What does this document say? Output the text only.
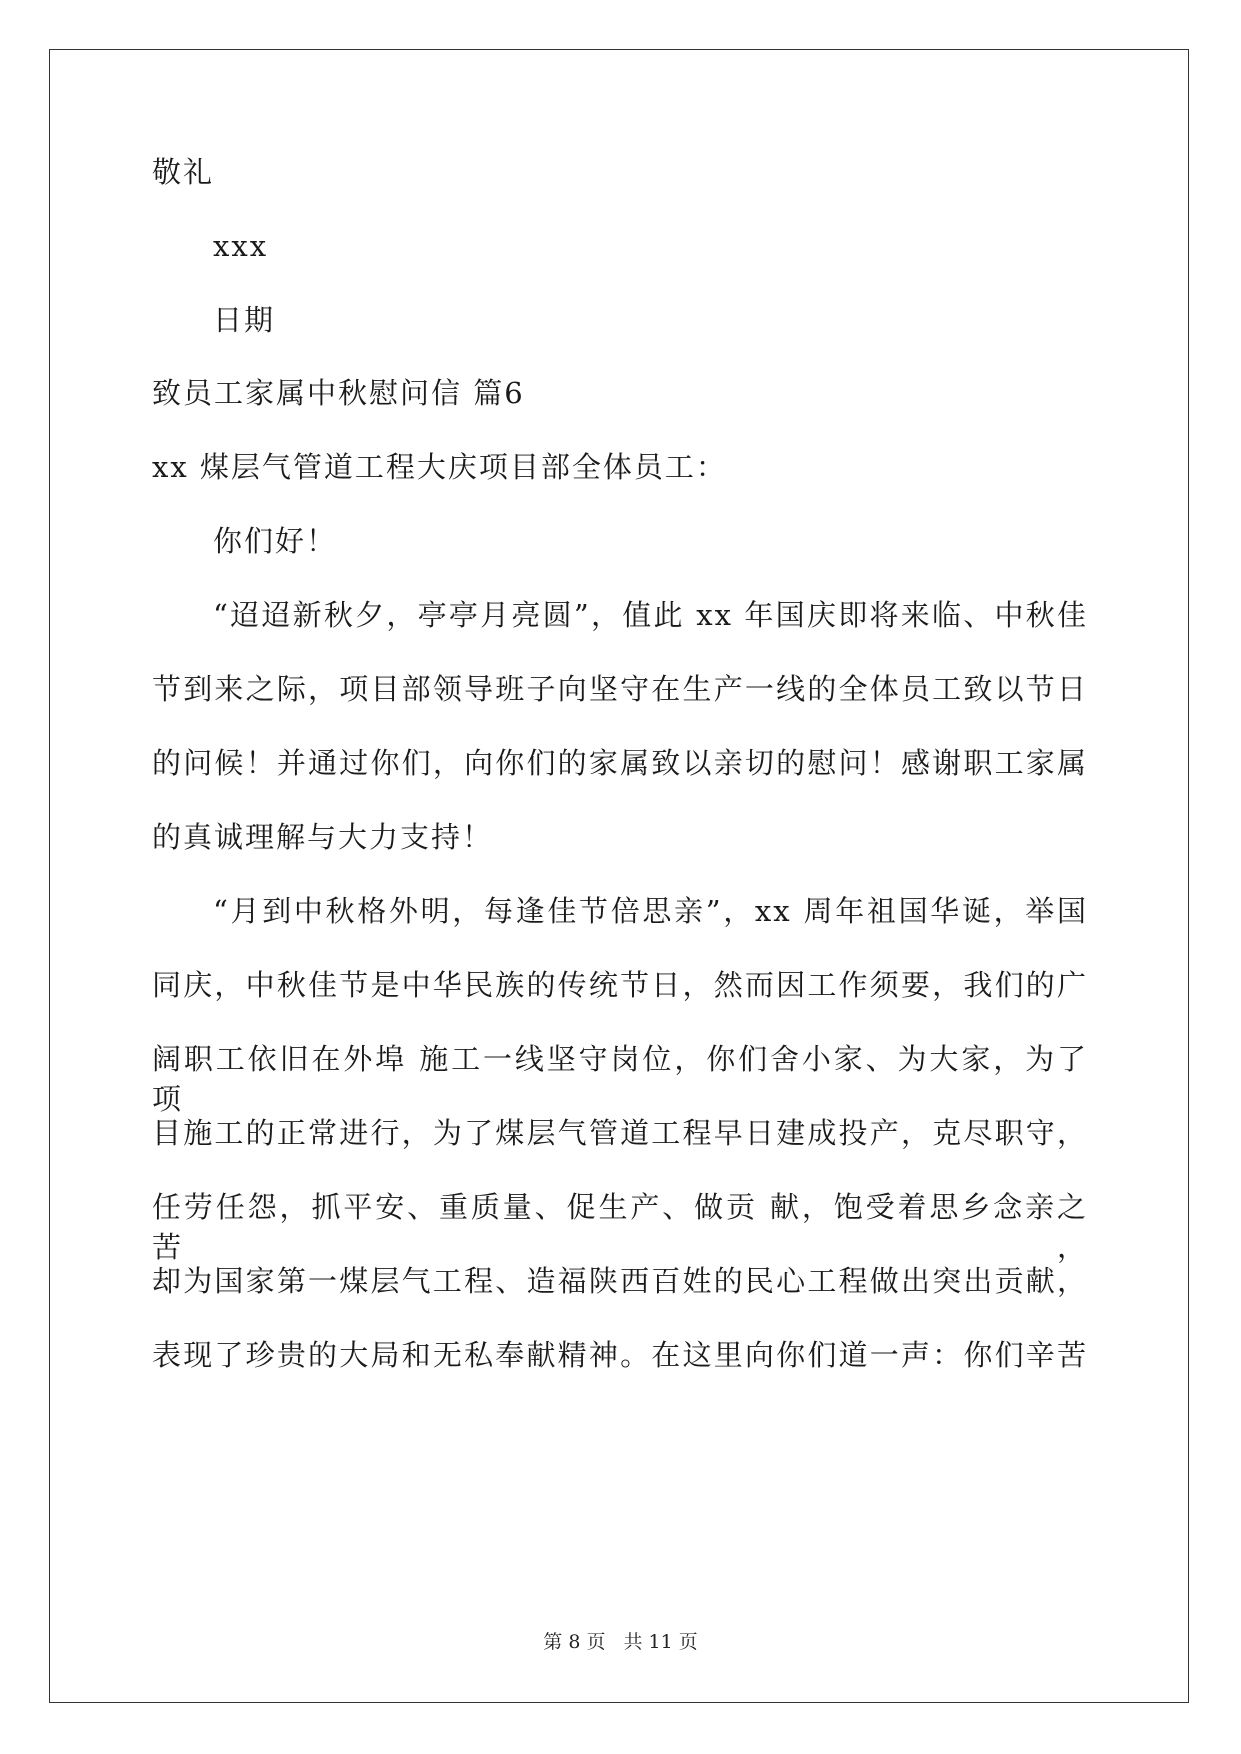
敬礼
xxx
日期
致员工家属中秋慰问信 篇6
xx 煤层气管道工程大庆项目部全体员工：
你们好！
“迢迢新秋夕，亭亭月亮圆”，值此 xx 年国庆即将来临、中秋佳
节到来之际，项目部领导班子向坚守在生产一线的全体员工致以节日
的问候！并通过你们，向你们的家属致以亲切的慰问！感谢职工家属
的真诚理解与大力支持！
“月到中秋格外明，每逢佳节倍思亲”，xx 周年祖国华诞，举国
同庆，中秋佳节是中华民族的传统节日，然而因工作须要，我们的广
阔职工依旧在外埠 施工一线坚守岗位，你们舍小家、为大家，为了项
目施工的正常进行，为了煤层气管道工程早日建成投产，克尽职守，
任劳任怨，抓平安、重质量、促生产、做贡 献，饱受着思乡念亲之苦，
却为国家第一煤层气工程、造福陕西百姓的民心工程做出突出贡献，
表现了珍贵的大局和无私奉献精神。在这里向你们道一声：你们辛苦
第 8 页 共 11 页
